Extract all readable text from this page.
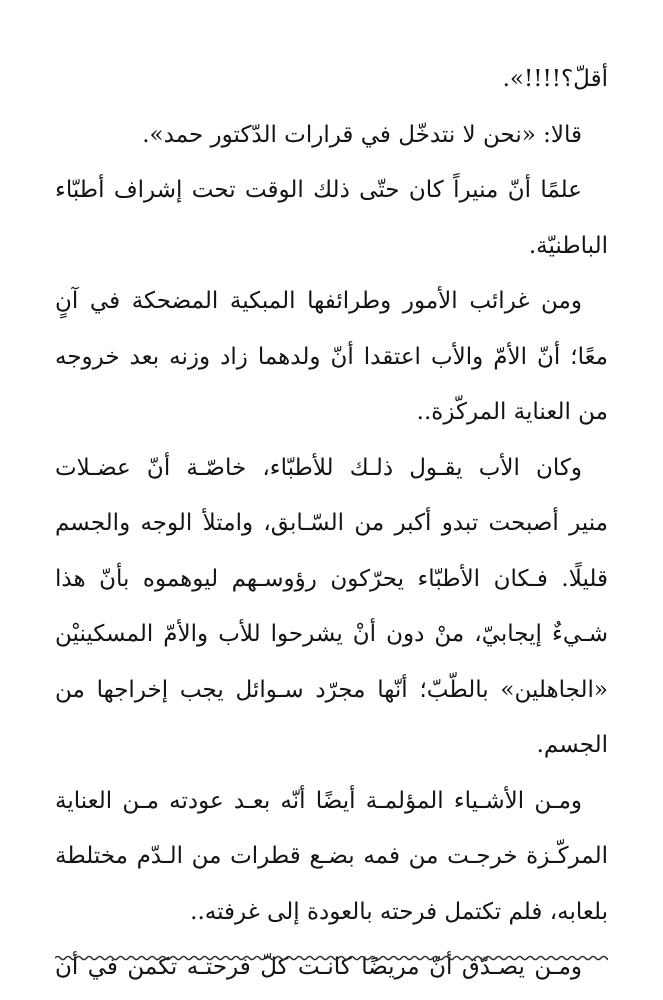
أقلّ؟!!!!».
قالا: «نحن لا نتدخّل في قرارات الدّكتور حمد».
علمًا أنّ منيراً كان حتّى ذلك الوقت تحت إشراف أطبّاء
الباطنيّة.
ومن غرائب الأمور وطرائفها المبكية المضحكة في آنٍ
معًا؛ أنّ الأمّ والأب اعتقدا أنّ ولدهما زاد وزنه بعد خروجه
من العناية المركّزة..
وكان الأب يقـول ذلـك للأطبّاء، خاصّـة أنّ عضـلات
منير أصبحت تبدو أكبر من السّـابق، وامتلأ الوجه والجسم
قليلًا. فـكان الأطبّاء يحرّكون رؤوسـهم ليوهموه بأنّ هذا
شـيءٌ إيجابيّ، منْ دون أنْ يشرحوا للأب والأمّ المسكينيْن
«الجاهلين» بالطّبّ؛ أنّها مجرّد سـوائل يجب إخراجها من
الجسم.
ومـن الأشـياء المؤلمـة أيضًا أنّه بعـد عودته مـن العناية
المركّـزة خرجـت من فمه بضـع قطرات من الـدّم مختلطة
بلعابه، فلم تكتمل فرحته بالعودة إلى غرفته..
ومـن يصـدّق أنّ مريضًا كانـت كلّ فرحتـه تكمن في أن
